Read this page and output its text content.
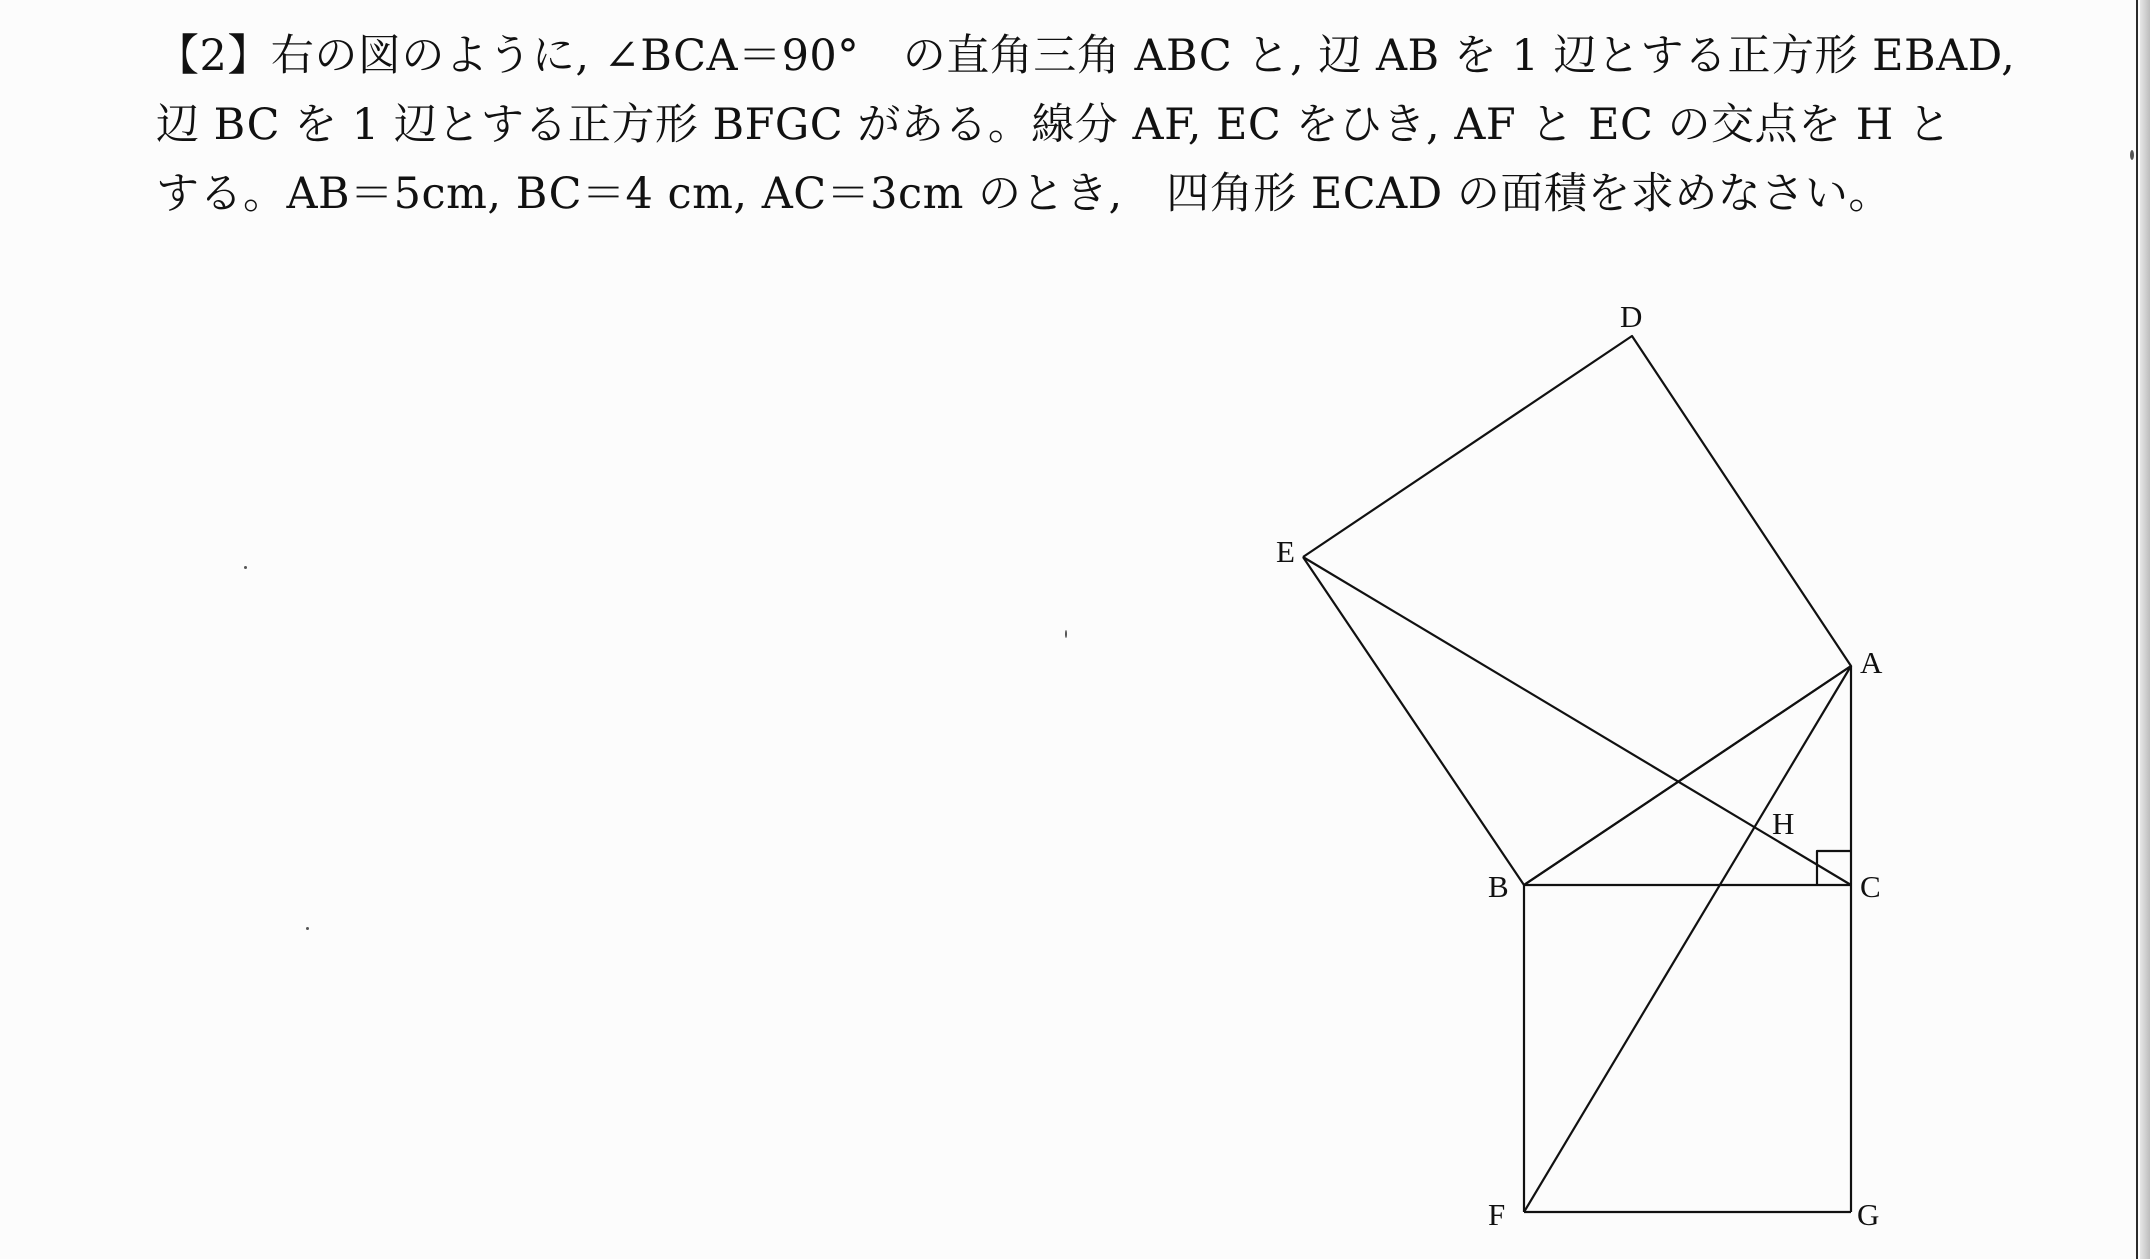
【2】右の図のように, ∠BCA＝90°　の直角三角 ABC と, 辺 AB を 1 辺とする正方形 EBAD,
辺 BC を 1 辺とする正方形 BFGC がある。線分 AF, EC をひき, AF と EC の交点を H と
する。AB＝5cm, BC＝4 cm, AC＝3cm のとき,　四角形 ECAD の面積を求めなさい。
D
E
A
H
B	C
F	G
